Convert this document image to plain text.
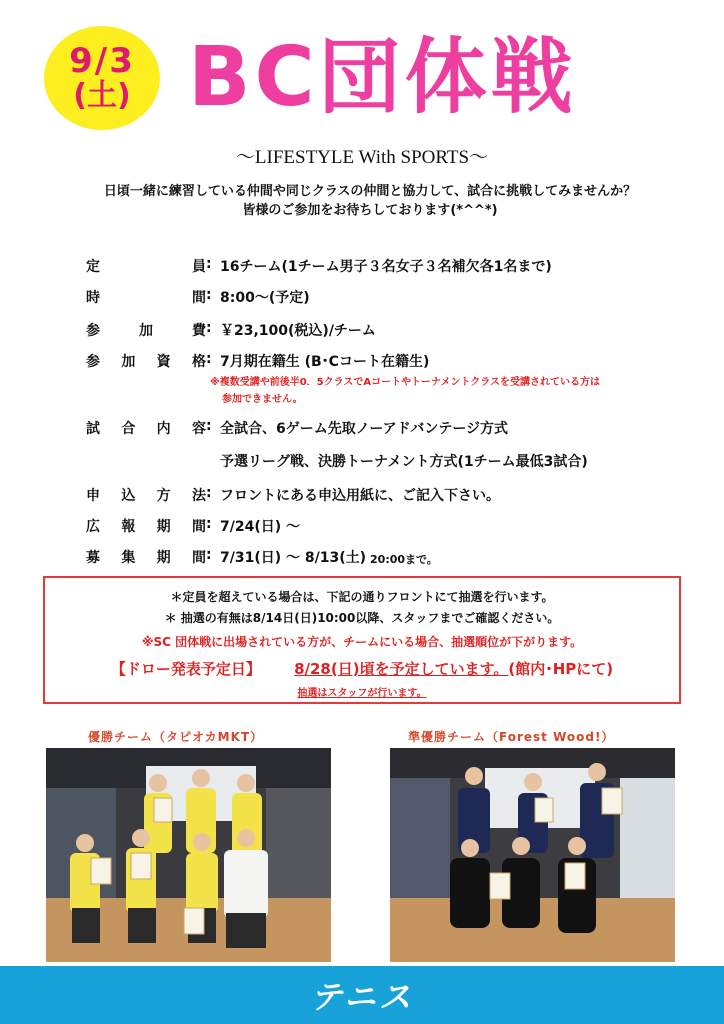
9/3
(土) BC団体戦
～LIFESTYLE With SPORTS～
日頃一緒に練習している仲間や同じクラスの仲間と協力して、試合に挑戦してみませんか？
皆様のご参加をお待ちしております(*^^*)
定	員 : 16チーム(1チーム男子３名女子３名補欠各1名まで)
時	間 : 8:00～(予定)
参	加	費 : ￥23,100(税込)/チーム
参 加 資 格 : 7月期在籍生 (B･Cコート在籍生)
試 合 内 容 : 全試合、6ゲーム先取ノーアドバンテージ方式
予選リーグ戦、決勝トーナメント方式(1チーム最低3試合)
申 込 方 法 : フロントにある申込用紙に、ご記入下さい。
広 報 期 間 : 7/24(日) ～
募 集 期 間 : 7/31(日) ～ 8/13(土) 20:00まで。
※複数受講や前後半0．5クラスでAコートやトーナメントクラスを受講されている方は
参加できません。
＊定員を超えている場合は、下記の通りフロントにて抽選を行います。
＊ 抽選の有無は8/14日(日)10:00以降、スタッフまでご確認ください。
※SC 団体戦に出場されている方が、チームにいる場合、抽選順位が下がります。
【ドロー発表予定日】 8/28(日)頃を予定しています。(館内･HPにて)
抽選はスタッフが行います。
優勝チーム（タピオカMKT）	準優勝チーム（Forest Wood!）
テニス
